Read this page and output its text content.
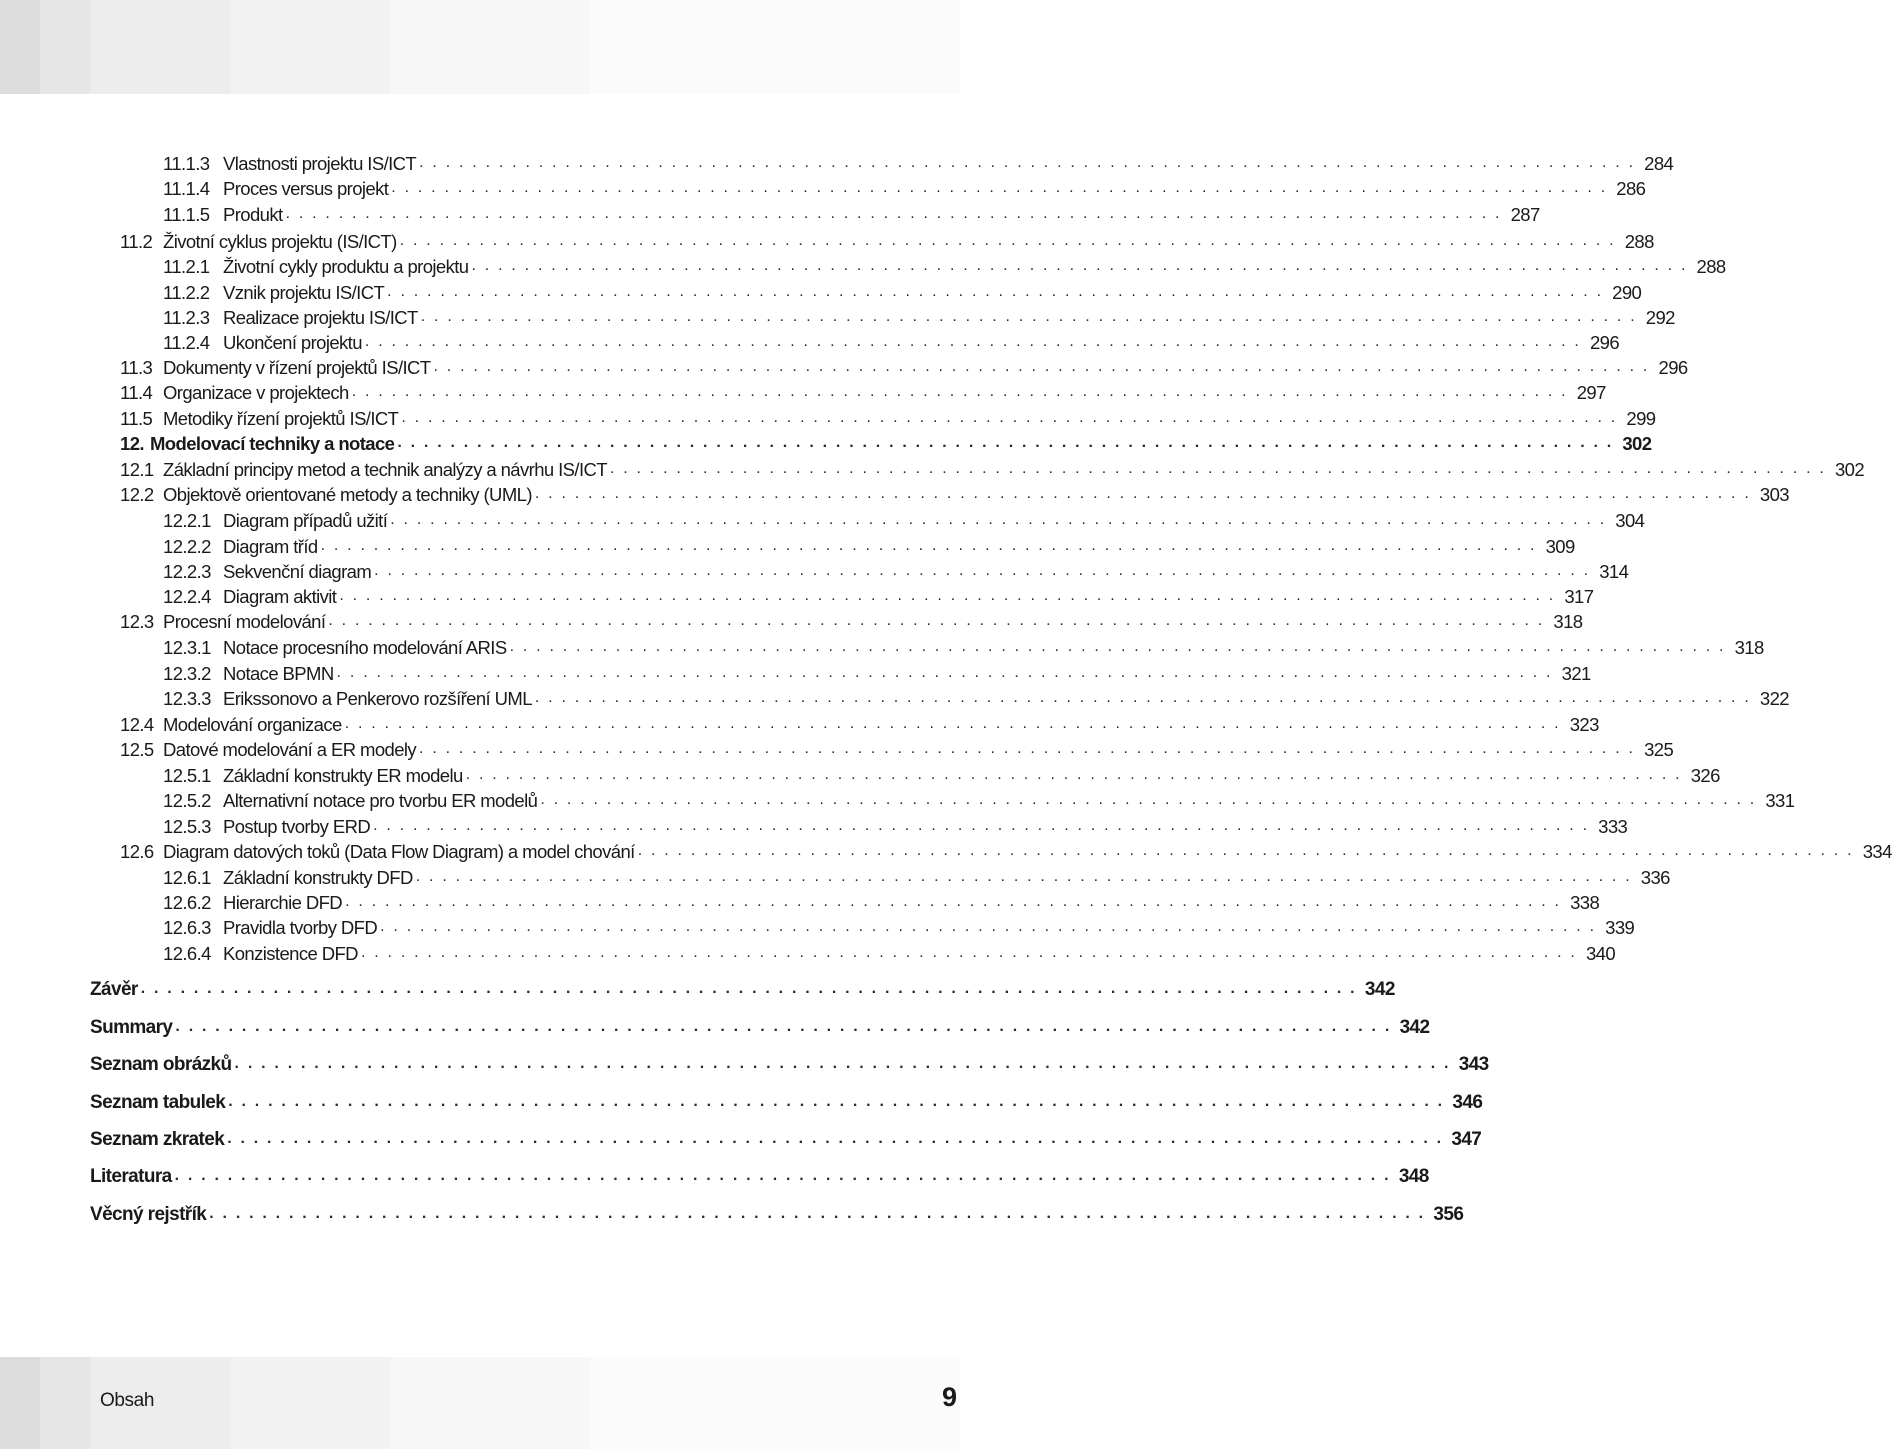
11.1.3 Vlastnosti projektu IS/ICT . . . . . . . . . . . . . . . . . . . . . . . . . . . . . . . . . . . . . . . . . . . . . . . . . . . . . . . . . . . . . . . . . . . . . . . . . . . . . . . . . . . . . . . . . . . . 284
11.1.4 Proces versus projekt . . . . . . . . . . . . . . . . . . . . . . . . . . . . . . . . . . . . . . . . . . . . . . . . . . . . . . . . . . . . . . . . . . . . . . . . . . . . . . . . . . . . . . . . . . . . 286
11.1.5 Produkt . . . . . . . . . . . . . . . . . . . . . . . . . . . . . . . . . . . . . . . . . . . . . . . . . . . . . . . . . . . . . . . . . . . . . . . . . . . . . . . . . . . . . . . . . . . . 287
11.2 Životní cyklus projektu (IS/ICT) . . . . . . . . . . . . . . . . . . . . . . . . . . . . . . . . . . . . . . . . . . . . . . . . . . . . . . . . . . . . . . . . . . . . . . . . . . . . . . . . . . . . . . . . . . . . 288
11.2.1 Životní cykly produktu a projektu . . . . . . . . . . . . . . . . . . . . . . . . . . . . . . . . . . . . . . . . . . . . . . . . . . . . . . . . . . . . . . . . . . . . . . . . . . . . . . . . . . . . . . . . . . . . 288
11.2.2 Vznik projektu IS/ICT . . . . . . . . . . . . . . . . . . . . . . . . . . . . . . . . . . . . . . . . . . . . . . . . . . . . . . . . . . . . . . . . . . . . . . . . . . . . . . . . . . . . . . . . . . . . 290
11.2.3 Realizace projektu IS/ICT . . . . . . . . . . . . . . . . . . . . . . . . . . . . . . . . . . . . . . . . . . . . . . . . . . . . . . . . . . . . . . . . . . . . . . . . . . . . . . . . . . . . . . . . . . . . 292
11.2.4 Ukončení projektu . . . . . . . . . . . . . . . . . . . . . . . . . . . . . . . . . . . . . . . . . . . . . . . . . . . . . . . . . . . . . . . . . . . . . . . . . . . . . . . . . . . . . . . . . . . . 296
11.3 Dokumenty v řízení projektů IS/ICT . . . . . . . . . . . . . . . . . . . . . . . . . . . . . . . . . . . . . . . . . . . . . . . . . . . . . . . . . . . . . . . . . . . . . . . . . . . . . . . . . . . . . . . . . . . . 296
11.4 Organizace v projektech . . . . . . . . . . . . . . . . . . . . . . . . . . . . . . . . . . . . . . . . . . . . . . . . . . . . . . . . . . . . . . . . . . . . . . . . . . . . . . . . . . . . . . . . . . . . 297
11.5 Metodiky řízení projektů IS/ICT . . . . . . . . . . . . . . . . . . . . . . . . . . . . . . . . . . . . . . . . . . . . . . . . . . . . . . . . . . . . . . . . . . . . . . . . . . . . . . . . . . . . . . . . . . . . 299
12. Modelovací techniky a notace . . . . . . . . . . . . . . . . . . . . . . . . . . . . . . . . . . . . . . . . . . . . . . . . . . . . . . . . . . . . . . . . . . . . . . . . . . . . . . . . . . . . . . . . . . . . 302
12.1 Základní principy metod a technik analýzy a návrhu IS/ICT . . . . . . . . . . . . . . . . . . . . . . . . . . . . . . . . . . . . . . . . . . . . . . . . . . . . . . . . . . . . . . . . . . . . . . . . . . . . . . . . . . . . . . . . . . . . 302
12.2 Objektově orientované metody a techniky (UML) . . . . . . . . . . . . . . . . . . . . . . . . . . . . . . . . . . . . . . . . . . . . . . . . . . . . . . . . . . . . . . . . . . . . . . . . . . . . . . . . . . . . . . . . . . . . 303
12.2.1 Diagram případů užití . . . . . . . . . . . . . . . . . . . . . . . . . . . . . . . . . . . . . . . . . . . . . . . . . . . . . . . . . . . . . . . . . . . . . . . . . . . . . . . . . . . . . . . . . . . . 304
12.2.2 Diagram tříd . . . . . . . . . . . . . . . . . . . . . . . . . . . . . . . . . . . . . . . . . . . . . . . . . . . . . . . . . . . . . . . . . . . . . . . . . . . . . . . . . . . . . . . . . . . . 309
12.2.3 Sekvenční diagram . . . . . . . . . . . . . . . . . . . . . . . . . . . . . . . . . . . . . . . . . . . . . . . . . . . . . . . . . . . . . . . . . . . . . . . . . . . . . . . . . . . . . . . . . . . . 314
12.2.4 Diagram aktivit . . . . . . . . . . . . . . . . . . . . . . . . . . . . . . . . . . . . . . . . . . . . . . . . . . . . . . . . . . . . . . . . . . . . . . . . . . . . . . . . . . . . . . . . . . . . 317
12.3 Procesní modelování . . . . . . . . . . . . . . . . . . . . . . . . . . . . . . . . . . . . . . . . . . . . . . . . . . . . . . . . . . . . . . . . . . . . . . . . . . . . . . . . . . . . . . . . . . . . 318
12.3.1 Notace procesního modelování ARIS . . . . . . . . . . . . . . . . . . . . . . . . . . . . . . . . . . . . . . . . . . . . . . . . . . . . . . . . . . . . . . . . . . . . . . . . . . . . . . . . . . . . . . . . . . . . 318
12.3.2 Notace BPMN . . . . . . . . . . . . . . . . . . . . . . . . . . . . . . . . . . . . . . . . . . . . . . . . . . . . . . . . . . . . . . . . . . . . . . . . . . . . . . . . . . . . . . . . . . . . 321
12.3.3 Erikssonovo a Penkerovo rozšíření UML . . . . . . . . . . . . . . . . . . . . . . . . . . . . . . . . . . . . . . . . . . . . . . . . . . . . . . . . . . . . . . . . . . . . . . . . . . . . . . . . . . . . . . . . . . . . 322
12.4 Modelování organizace . . . . . . . . . . . . . . . . . . . . . . . . . . . . . . . . . . . . . . . . . . . . . . . . . . . . . . . . . . . . . . . . . . . . . . . . . . . . . . . . . . . . . . . . . . . . 323
12.5 Datové modelování a ER modely . . . . . . . . . . . . . . . . . . . . . . . . . . . . . . . . . . . . . . . . . . . . . . . . . . . . . . . . . . . . . . . . . . . . . . . . . . . . . . . . . . . . . . . . . . . . 325
12.5.1 Základní konstrukty ER modelu . . . . . . . . . . . . . . . . . . . . . . . . . . . . . . . . . . . . . . . . . . . . . . . . . . . . . . . . . . . . . . . . . . . . . . . . . . . . . . . . . . . . . . . . . . . . 326
12.5.2 Alternativní notace pro tvorbu ER modelů . . . . . . . . . . . . . . . . . . . . . . . . . . . . . . . . . . . . . . . . . . . . . . . . . . . . . . . . . . . . . . . . . . . . . . . . . . . . . . . . . . . . . . . . . . . . 331
12.5.3 Postup tvorby ERD . . . . . . . . . . . . . . . . . . . . . . . . . . . . . . . . . . . . . . . . . . . . . . . . . . . . . . . . . . . . . . . . . . . . . . . . . . . . . . . . . . . . . . . . . . . . 333
12.6 Diagram datových toků (Data Flow Diagram) a model chování . . . . . . . . . . . . . . . . . . . . . . . . . . . . . . . . . . . . . . . . . . . . . . . . . . . . . . . . . . . . . . . . . . . . . . . . . . . . . . . . . . . . . . . . . . . . 334
12.6.1 Základní konstrukty DFD . . . . . . . . . . . . . . . . . . . . . . . . . . . . . . . . . . . . . . . . . . . . . . . . . . . . . . . . . . . . . . . . . . . . . . . . . . . . . . . . . . . . . . . . . . . . 336
12.6.2 Hierarchie DFD . . . . . . . . . . . . . . . . . . . . . . . . . . . . . . . . . . . . . . . . . . . . . . . . . . . . . . . . . . . . . . . . . . . . . . . . . . . . . . . . . . . . . . . . . . . . 338
12.6.3 Pravidla tvorby DFD . . . . . . . . . . . . . . . . . . . . . . . . . . . . . . . . . . . . . . . . . . . . . . . . . . . . . . . . . . . . . . . . . . . . . . . . . . . . . . . . . . . . . . . . . . . . 339
12.6.4 Konzistence DFD . . . . . . . . . . . . . . . . . . . . . . . . . . . . . . . . . . . . . . . . . . . . . . . . . . . . . . . . . . . . . . . . . . . . . . . . . . . . . . . . . . . . . . . . . . . . 340
Závěr . . . . . . . . . . . . . . . . . . . . . . . . . . . . . . . . . . . . . . . . . . . . . . . . . . . . . . . . . . . . . . . . . . . . . . . . . . . . . . . . . . . . . . . . . . . . 342
Summary . . . . . . . . . . . . . . . . . . . . . . . . . . . . . . . . . . . . . . . . . . . . . . . . . . . . . . . . . . . . . . . . . . . . . . . . . . . . . . . . . . . . . . . . . . . . 342
Seznam obrázků . . . . . . . . . . . . . . . . . . . . . . . . . . . . . . . . . . . . . . . . . . . . . . . . . . . . . . . . . . . . . . . . . . . . . . . . . . . . . . . . . . . . . . . . . . . . 343
Seznam tabulek . . . . . . . . . . . . . . . . . . . . . . . . . . . . . . . . . . . . . . . . . . . . . . . . . . . . . . . . . . . . . . . . . . . . . . . . . . . . . . . . . . . . . . . . . . . . 346
Seznam zkratek . . . . . . . . . . . . . . . . . . . . . . . . . . . . . . . . . . . . . . . . . . . . . . . . . . . . . . . . . . . . . . . . . . . . . . . . . . . . . . . . . . . . . . . . . . . . 347
Literatura . . . . . . . . . . . . . . . . . . . . . . . . . . . . . . . . . . . . . . . . . . . . . . . . . . . . . . . . . . . . . . . . . . . . . . . . . . . . . . . . . . . . . . . . . . . . 348
Věcný rejstřík . . . . . . . . . . . . . . . . . . . . . . . . . . . . . . . . . . . . . . . . . . . . . . . . . . . . . . . . . . . . . . . . . . . . . . . . . . . . . . . . . . . . . . . . . . . . 356
Obsah	9
